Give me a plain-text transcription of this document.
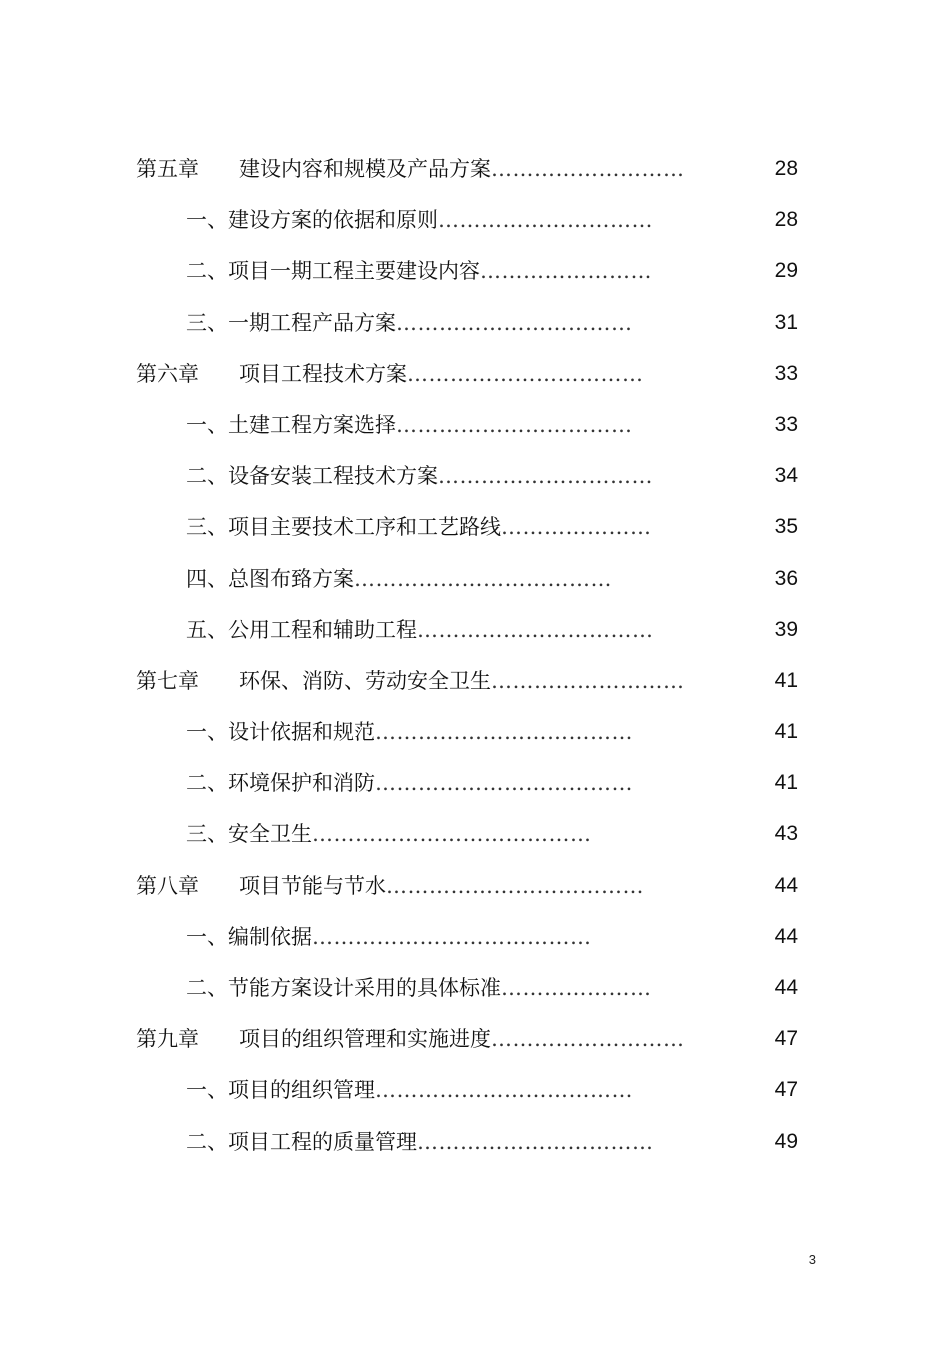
第五章 建设内容和规模及产品方案………………………	28
一、建设方案的依据和原则…………………………	28
二、项目一期工程主要建设内容……………………	29
三、一期工程产品方案……………………………	31
第六章 项目工程技术方案……………………………	33
一、土建工程方案选择……………………………	33
二、设备安装工程技术方案…………………………	34
三、项目主要技术工序和工艺路线…………………	35
四、总图布臵方案………………………………	36
五、公用工程和辅助工程……………………………	39
第七章 环保、消防、劳动安全卫生………………………	41
一、设计依据和规范………………………………	41
二、环境保护和消防………………………………	41
三、安全卫生…………………………………	43
第八章 项目节能与节水………………………………	44
一、编制依据…………………………………	44
二、节能方案设计采用的具体标准…………………	44
第九章 项目的组织管理和实施进度………………………	47
一、项目的组织管理………………………………	47
二、项目工程的质量管理……………………………	49
3
